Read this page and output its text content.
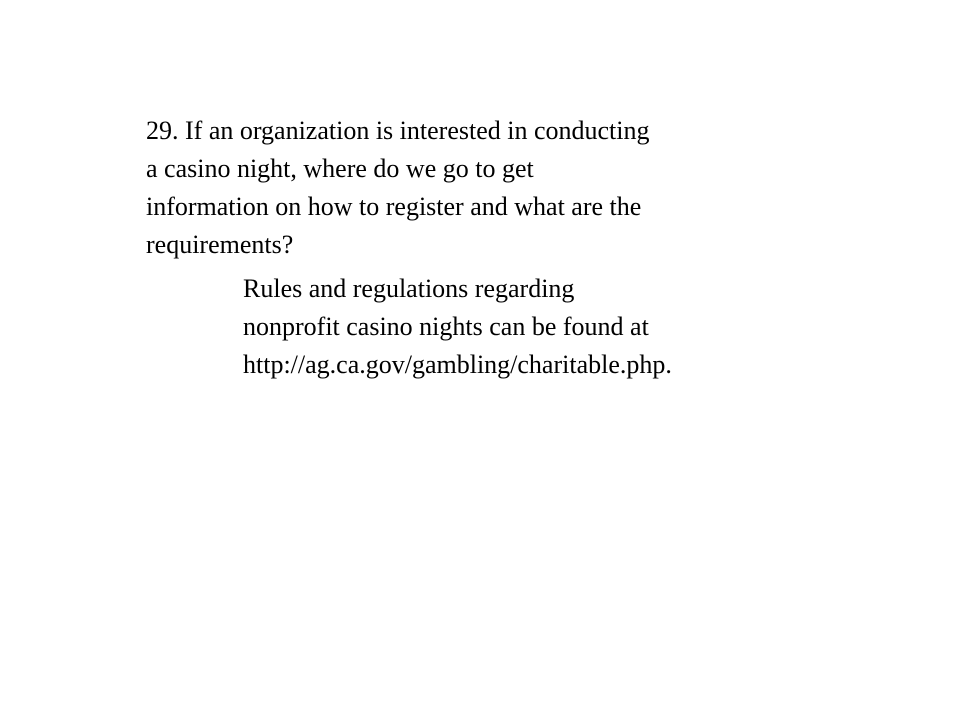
29. If an organization is interested in conducting
a casino night, where do we go to get
information on how to register and what are the
requirements?

Rules and regulations regarding
nonprofit casino nights can be found at
http://ag.ca.gov/gambling/charitable.php.
